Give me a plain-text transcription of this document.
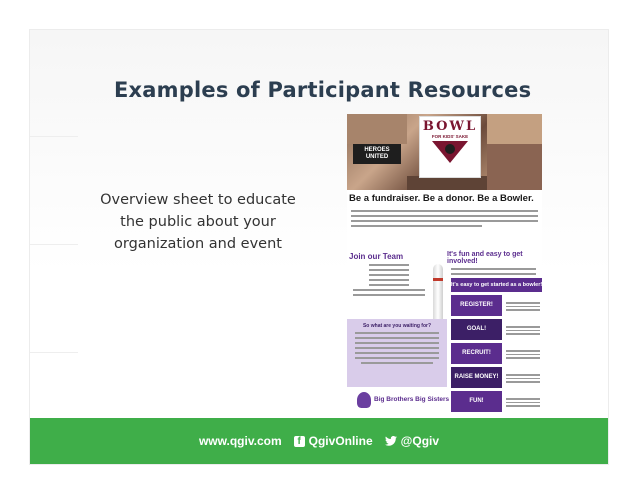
Examples of Participant Resources
Overview sheet to educate the public about your organization and event
BOWL
FOR KIDS' SAKE
HEROES UNITED
Be a fundraiser. Be a donor. Be a Bowler.
Join our Team	It's fun and easy to get involved!
It's easy to get started as a bowler!
REGISTER!
GOAL!
RECRUIT!
RAISE MONEY!
FUN!
So what are you waiting for?
Big Brothers Big Sisters
www.qgiv.com	f QgivOnline @Qgiv
